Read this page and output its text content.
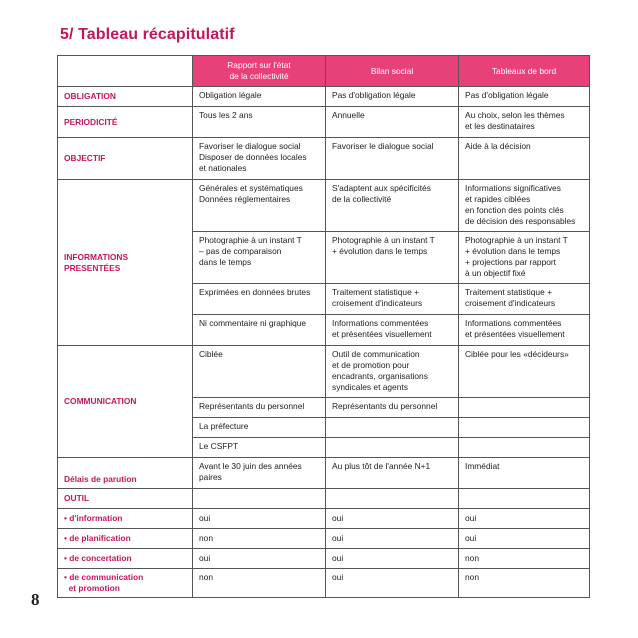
5/ Tableau récapitulatif

	Rapport sur l'état
de la collectivité	Bilan social	Tableaux de bord

OBLIGATION	Obligation légale	Pas d'obligation légale	Pas d'obligation légale

PERIODICITÉ	Tous les 2 ans	Annuelle	Au choix, selon les thèmes
et les destinataires

OBJECTIF	Favoriser le dialogue social
Disposer de données locales
et nationales	Favoriser le dialogue social	Aide à la décision

INFORMATIONS
PRESENTÉES	Générales et systématiques
Données réglementaires	S'adaptent aux spécificités
de la collectivité	Informations significatives
et rapides ciblées
en fonction des points clés
de décision des responsables

	Photographie à un instant T
– pas de comparaison
dans le temps	Photographie à un instant T
+ évolution dans le temps	Photographie à un instant T
+ évolution dans le temps
+ projections par rapport
à un objectif fixé

	Exprimées en données brutes	Traitement statistique +
croisement d'indicateurs	Traitement statistique +
croisement d'indicateurs

	Ni commentaire ni graphique	Informations commentées
et présentées visuellement	Informations commentées
et présentées visuellement

COMMUNICATION	Ciblée	Outil de communication
et de promotion pour
encadrants, organisations
syndicales et agents	Ciblée pour les «décideurs»

	Représentants du personnel	Représentants du personnel	

	La préfecture		

	Le CSFPT		

Délais de parution	Avant le 30 juin des années
paires	Au plus tôt de l'année N+1	Immédiat

OUTIL			
• d'information	oui	oui	oui
• de planification	non	oui	oui
• de concertation	oui	oui	non

• de communication
et promotion	non	oui	non
8
